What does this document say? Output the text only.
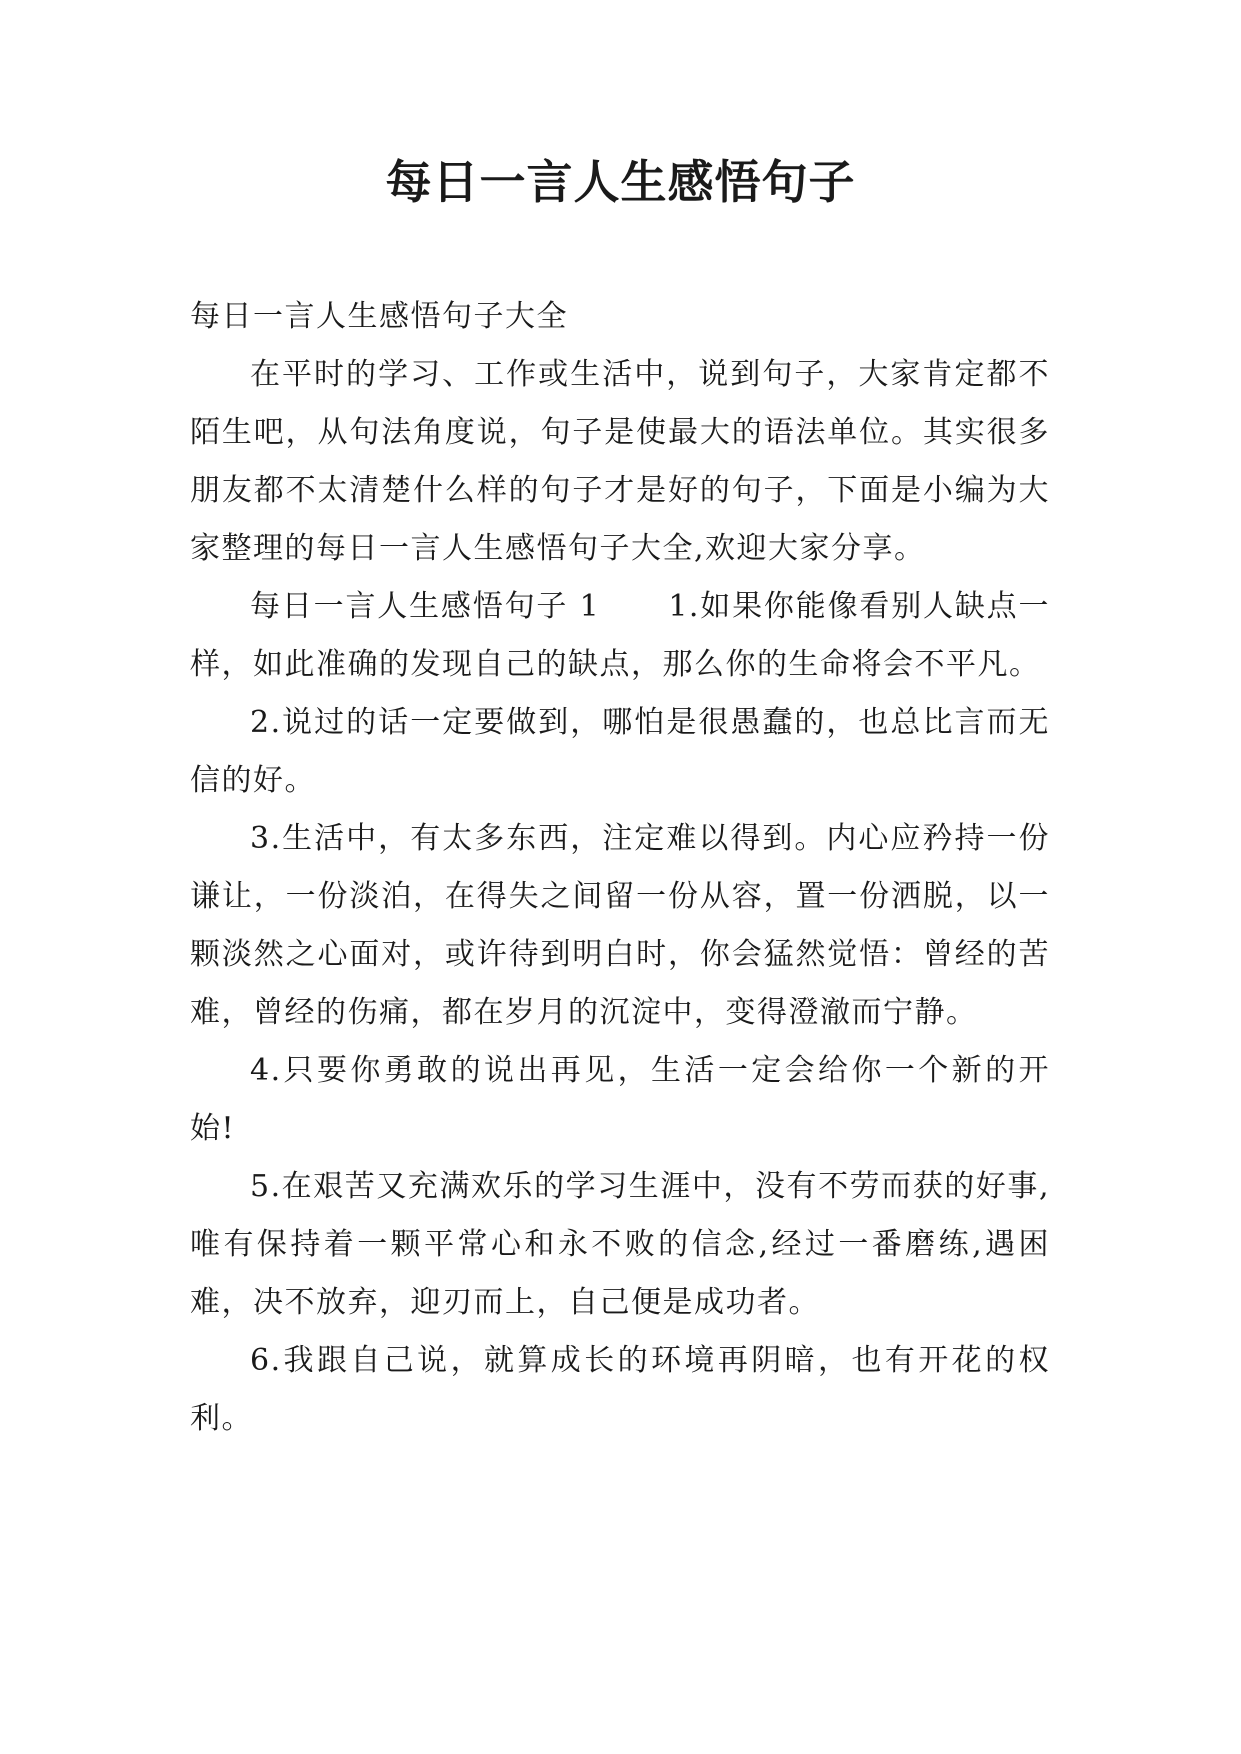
每日一言人生感悟句子

每日一言人生感悟句子大全

在平时的学习、工作或生活中，说到句子，大家肯定都不陌生吧，从句法角度说，句子是使最大的语法单位。其实很多朋友都不太清楚什么样的句子才是好的句子，下面是小编为大家整理的每日一言人生感悟句子大全,欢迎大家分享。

每日一言人生感悟句子 1 1.如果你能像看别人缺点一样，如此准确的发现自己的缺点，那么你的生命将会不平凡。

2.说过的话一定要做到，哪怕是很愚蠢的，也总比言而无信的好。

3.生活中，有太多东西，注定难以得到。内心应矜持一份谦让，一份淡泊，在得失之间留一份从容，置一份洒脱，以一颗淡然之心面对，或许待到明白时，你会猛然觉悟：曾经的苦难，曾经的伤痛，都在岁月的沉淀中，变得澄澈而宁静。

4.只要你勇敢的说出再见，生活一定会给你一个新的开始!

5.在艰苦又充满欢乐的学习生涯中，没有不劳而获的好事,唯有保持着一颗平常心和永不败的信念,经过一番磨练,遇困难，决不放弃，迎刃而上，自己便是成功者。

6.我跟自己说，就算成长的环境再阴暗，也有开花的权利。
